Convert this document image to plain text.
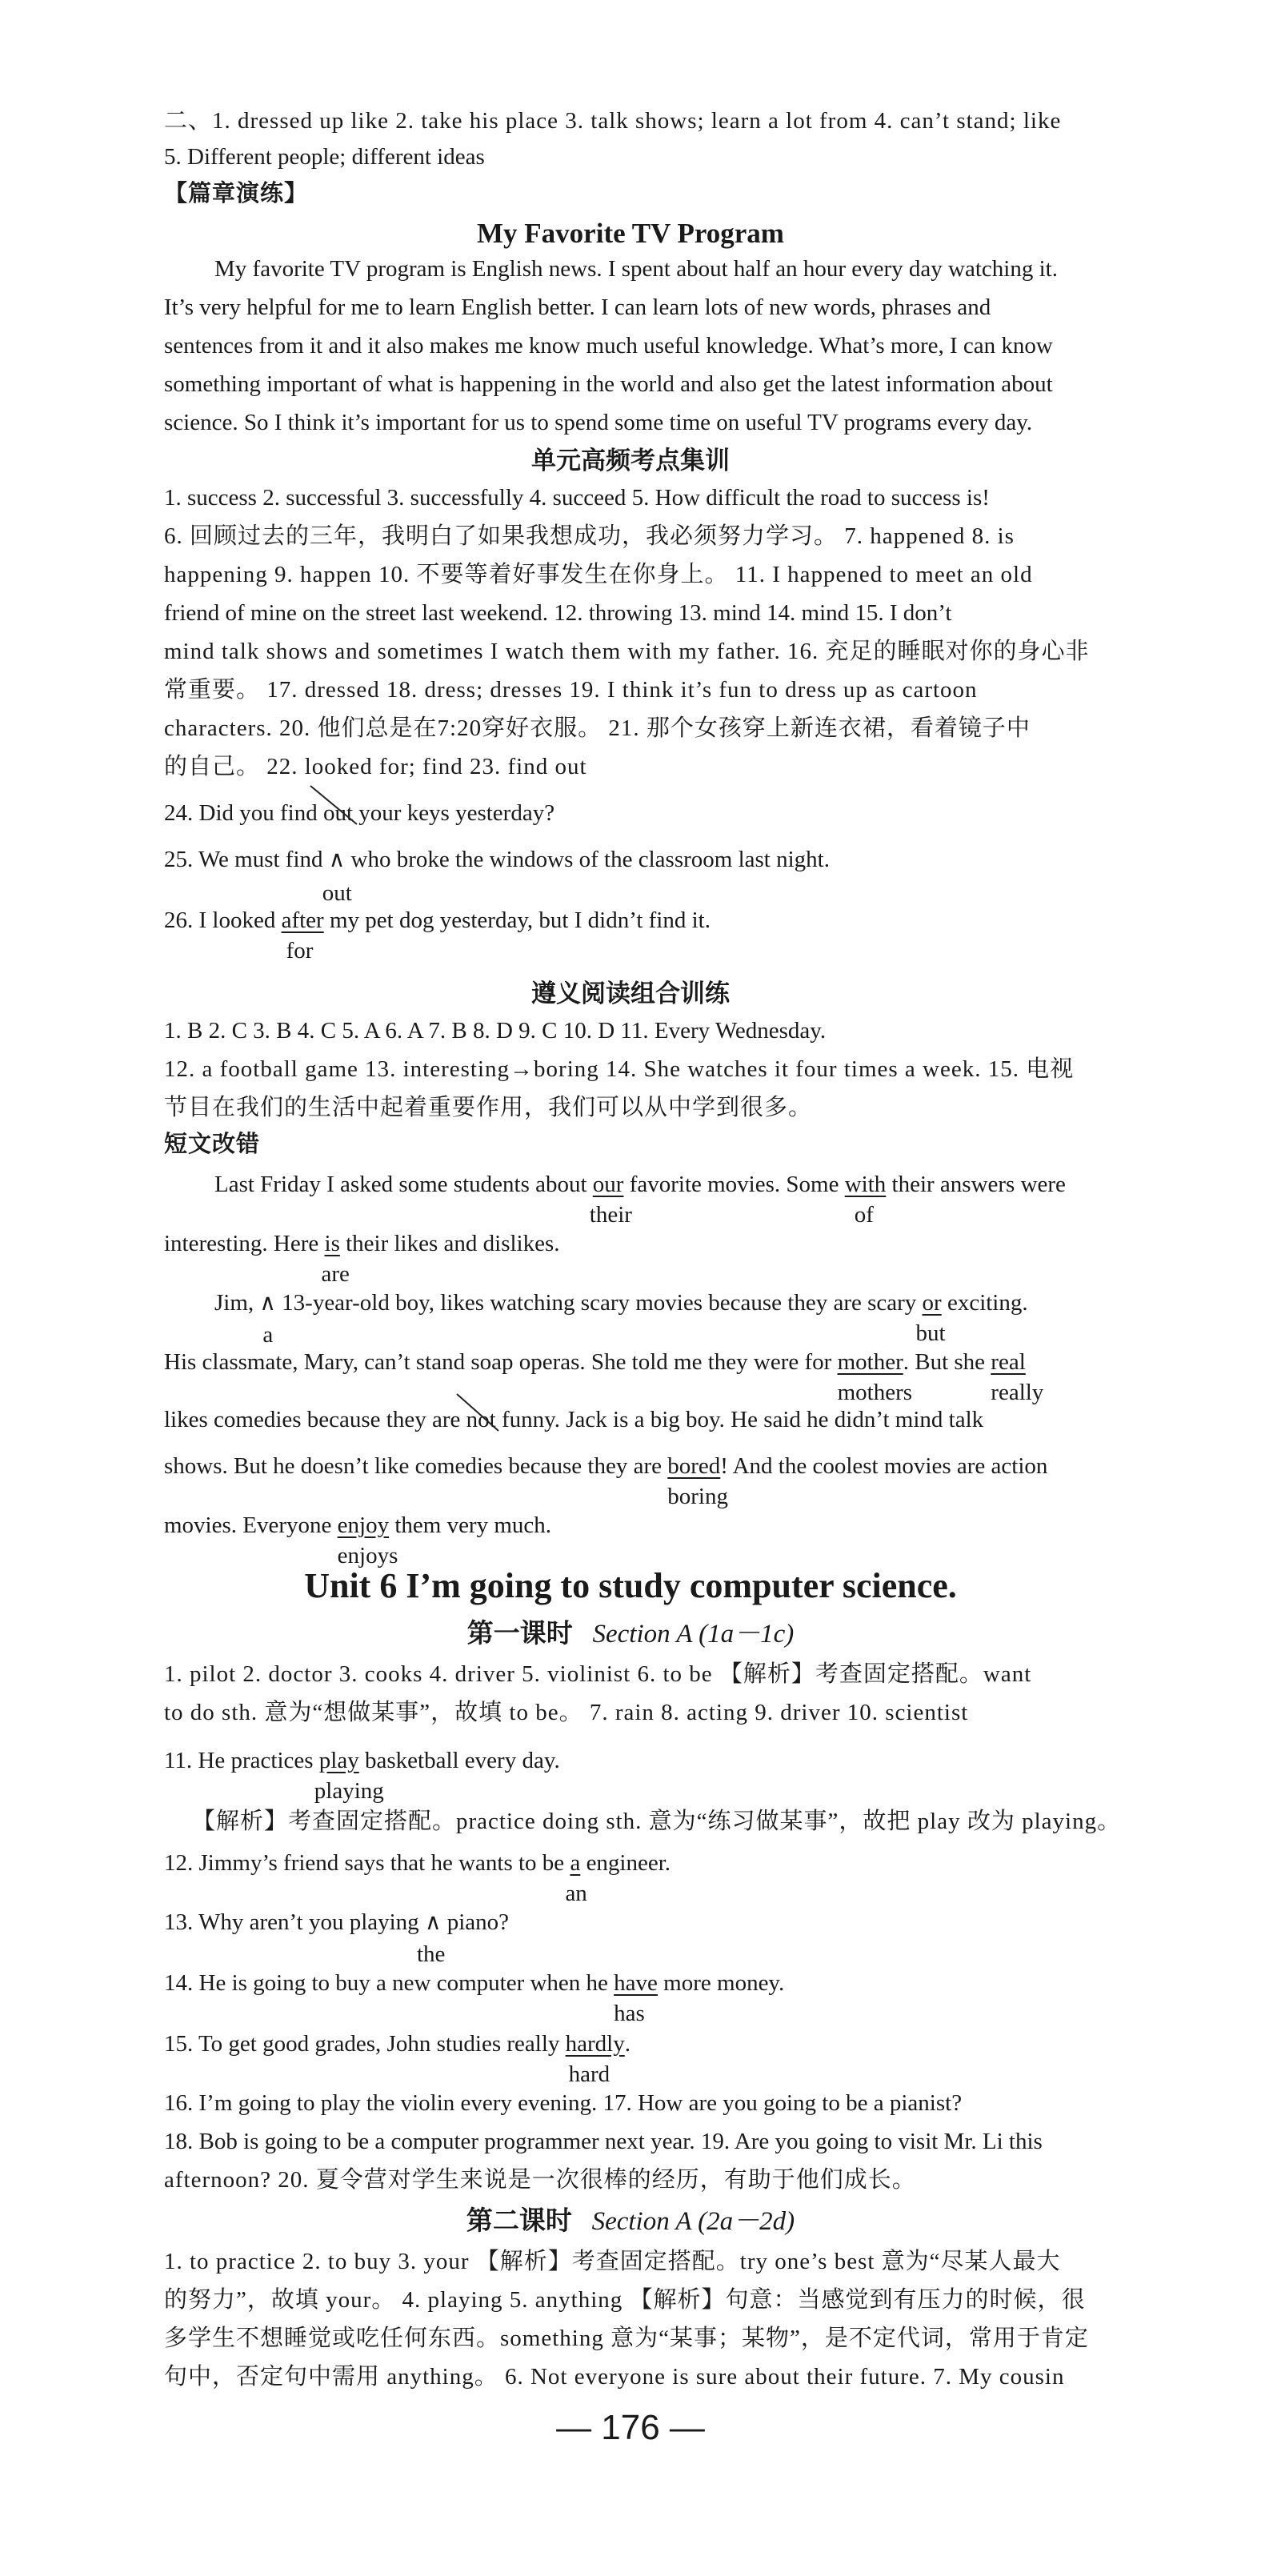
二、1. dressed up like 2. take his place 3. talk shows; learn a lot from 4. can’t stand; like
5. Different people; different ideas
【篇章演练】
My Favorite TV Program
My favorite TV program is English news. I spent about half an hour every day watching it.
It’s very helpful for me to learn English better. I can learn lots of new words, phrases and
sentences from it and it also makes me know much useful knowledge. What’s more, I can know
something important of what is happening in the world and also get the latest information about
science. So I think it’s important for us to spend some time on useful TV programs every day.
单元高频考点集训
1. success 2. successful 3. successfully 4. succeed 5. How difficult the road to success is!
6. 回顾过去的三年，我明白了如果我想成功，我必须努力学习。 7. happened 8. is
happening 9. happen 10. 不要等着好事发生在你身上。 11. I happened to meet an old
friend of mine on the street last weekend. 12. throwing 13. mind 14. mind 15. I don’t
mind talk shows and sometimes I watch them with my father. 16. 充足的睡眠对你的身心非
常重要。 17. dressed 18. dress; dresses 19. I think it’s fun to dress up as cartoon
characters. 20. 他们总是在7:20穿好衣服。 21. 那个女孩穿上新连衣裙，看着镜子中
的自己。 22. looked for; find 23. find out
24. Did you find out
your keys yesterday?
25. We must find ∧
out
who broke the windows of the classroom last night.
26. I looked after
for
my pet dog yesterday, but I didn’t find it.
遵义阅读组合训练
1. B 2. C 3. B 4. C 5. A 6. A 7. B 8. D 9. C 10. D 11. Every Wednesday.
12. a football game 13. interesting→boring 14. She watches it four times a week. 15. 电视
节目在我们的生活中起着重要作用，我们可以从中学到很多。
短文改错
Last Friday I asked some students about our
their
favorite movies. Some with
of
their answers were
interesting. Here is
are
their likes and dislikes.
Jim, ∧
a
13-year-old boy, likes watching scary movies because they are scary or
but
exciting.
His classmate, Mary, can’t stand soap operas. She told me they were for mother
mothers
. But she real
really
likes comedies because they are not
funny. Jack is a big boy. He said he didn’t mind talk
shows. But he doesn’t like comedies because they are bored
boring
! And the coolest movies are action
movies. Everyone enjoy
enjoys
them very much.
Unit 6 I’m going to study computer science.
第一课时 Section A (1a－1c)
1. pilot 2. doctor 3. cooks 4. driver 5. violinist 6. to be 【解析】考查固定搭配。want
to do sth. 意为“想做某事”，故填 to be。 7. rain 8. acting 9. driver 10. scientist
11. He practices play
playing
basketball every day.
【解析】考查固定搭配。practice doing sth. 意为“练习做某事”，故把 play 改为 playing。
12. Jimmy’s friend says that he wants to be $\frac{a}{an}$ engineer.
13. Why aren’t you playing ∧
the
piano?
14. He is going to buy a new computer when he have
has
more money.
15. To get good grades, John studies really hardly
hard
.
16. I’m going to play the violin every evening. 17. How are you going to be a pianist?
18. Bob is going to be a computer programmer next year. 19. Are you going to visit Mr. Li this
afternoon? 20. 夏令营对学生来说是一次很棒的经历，有助于他们成长。
第二课时 Section A (2a－2d)
1. to practice 2. to buy 3. your 【解析】考查固定搭配。try one’s best 意为“尽某人最大
的努力”，故填 your。 4. playing 5. anything 【解析】句意：当感觉到有压力的时候，很
多学生不想睡觉或吃任何东西。something 意为“某事；某物”，是不定代词，常用于肯定
句中，否定句中需用 anything。 6. Not everyone is sure about their future. 7. My cousin
— 176 —
